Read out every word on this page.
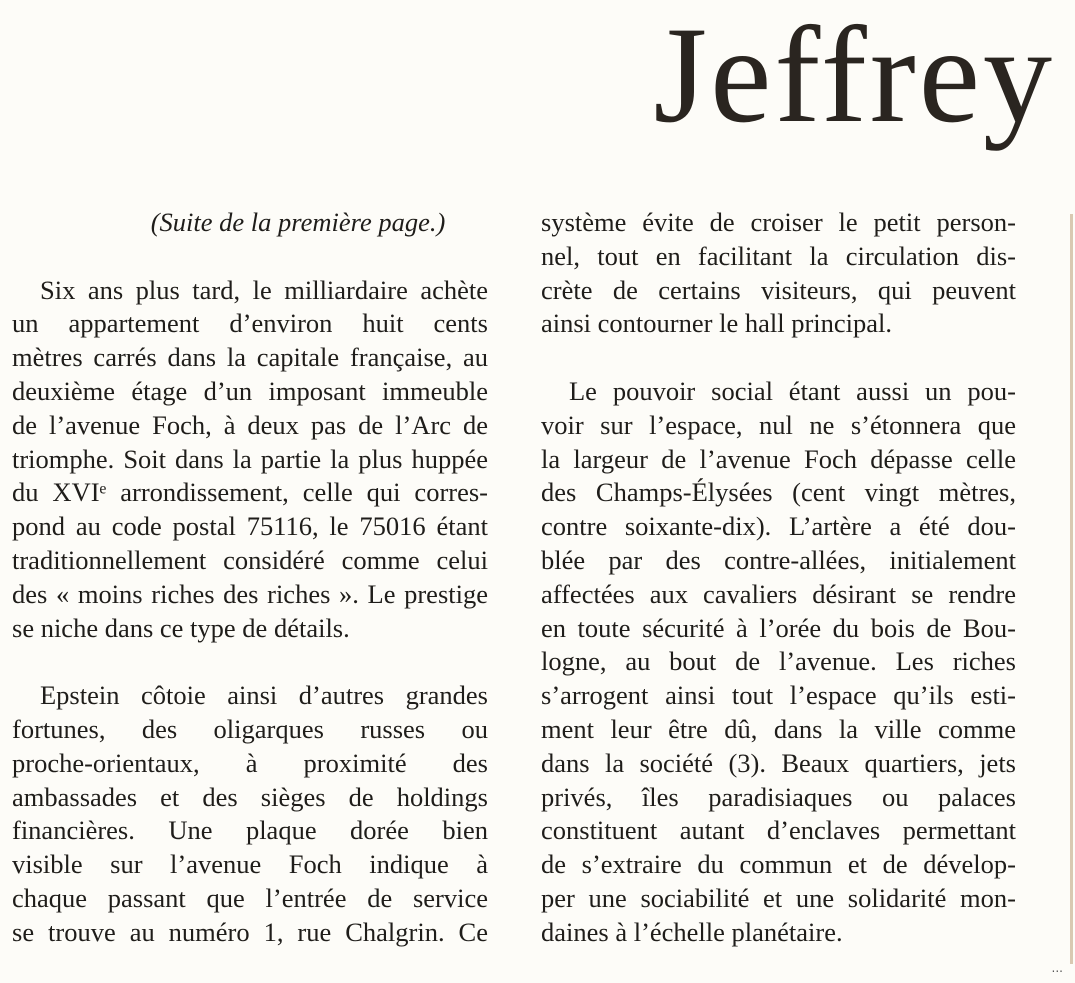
Jeffrey
(Suite de la première page.)
Six ans plus tard, le milliardaire achète
un appartement d’environ huit cents
mètres carrés dans la capitale française, au
deuxième étage d’un imposant immeuble
de l’avenue Foch, à deux pas de l’Arc de
triomphe. Soit dans la partie la plus huppée
du XVIᵉ arrondissement, celle qui corres-
pond au code postal 75116, le 75016 étant
traditionnellement considéré comme celui
des « moins riches des riches ». Le prestige
se niche dans ce type de détails.
Epstein côtoie ainsi d’autres grandes
fortunes, des oligarques russes ou
proche-orientaux, à proximité des
ambassades et des sièges de holdings
financières. Une plaque dorée bien
visible sur l’avenue Foch indique à
chaque passant que l’entrée de service
se trouve au numéro 1, rue Chalgrin. Ce
système évite de croiser le petit person-
nel, tout en facilitant la circulation dis-
crète de certains visiteurs, qui peuvent
ainsi contourner le hall principal.
Le pouvoir social étant aussi un pou-
voir sur l’espace, nul ne s’étonnera que
la largeur de l’avenue Foch dépasse celle
des Champs-Élysées (cent vingt mètres,
contre soixante-dix). L’artère a été dou-
blée par des contre-allées, initialement
affectées aux cavaliers désirant se rendre
en toute sécurité à l’orée du bois de Bou-
logne, au bout de l’avenue. Les riches
s’arrogent ainsi tout l’espace qu’ils esti-
ment leur être dû, dans la ville comme
dans la société (3). Beaux quartiers, jets
privés, îles paradisiaques ou palaces
constituent autant d’enclaves permettant
de s’extraire du commun et de dévelop-
per une sociabilité et une solidarité mon-
daines à l’échelle planétaire.
...
